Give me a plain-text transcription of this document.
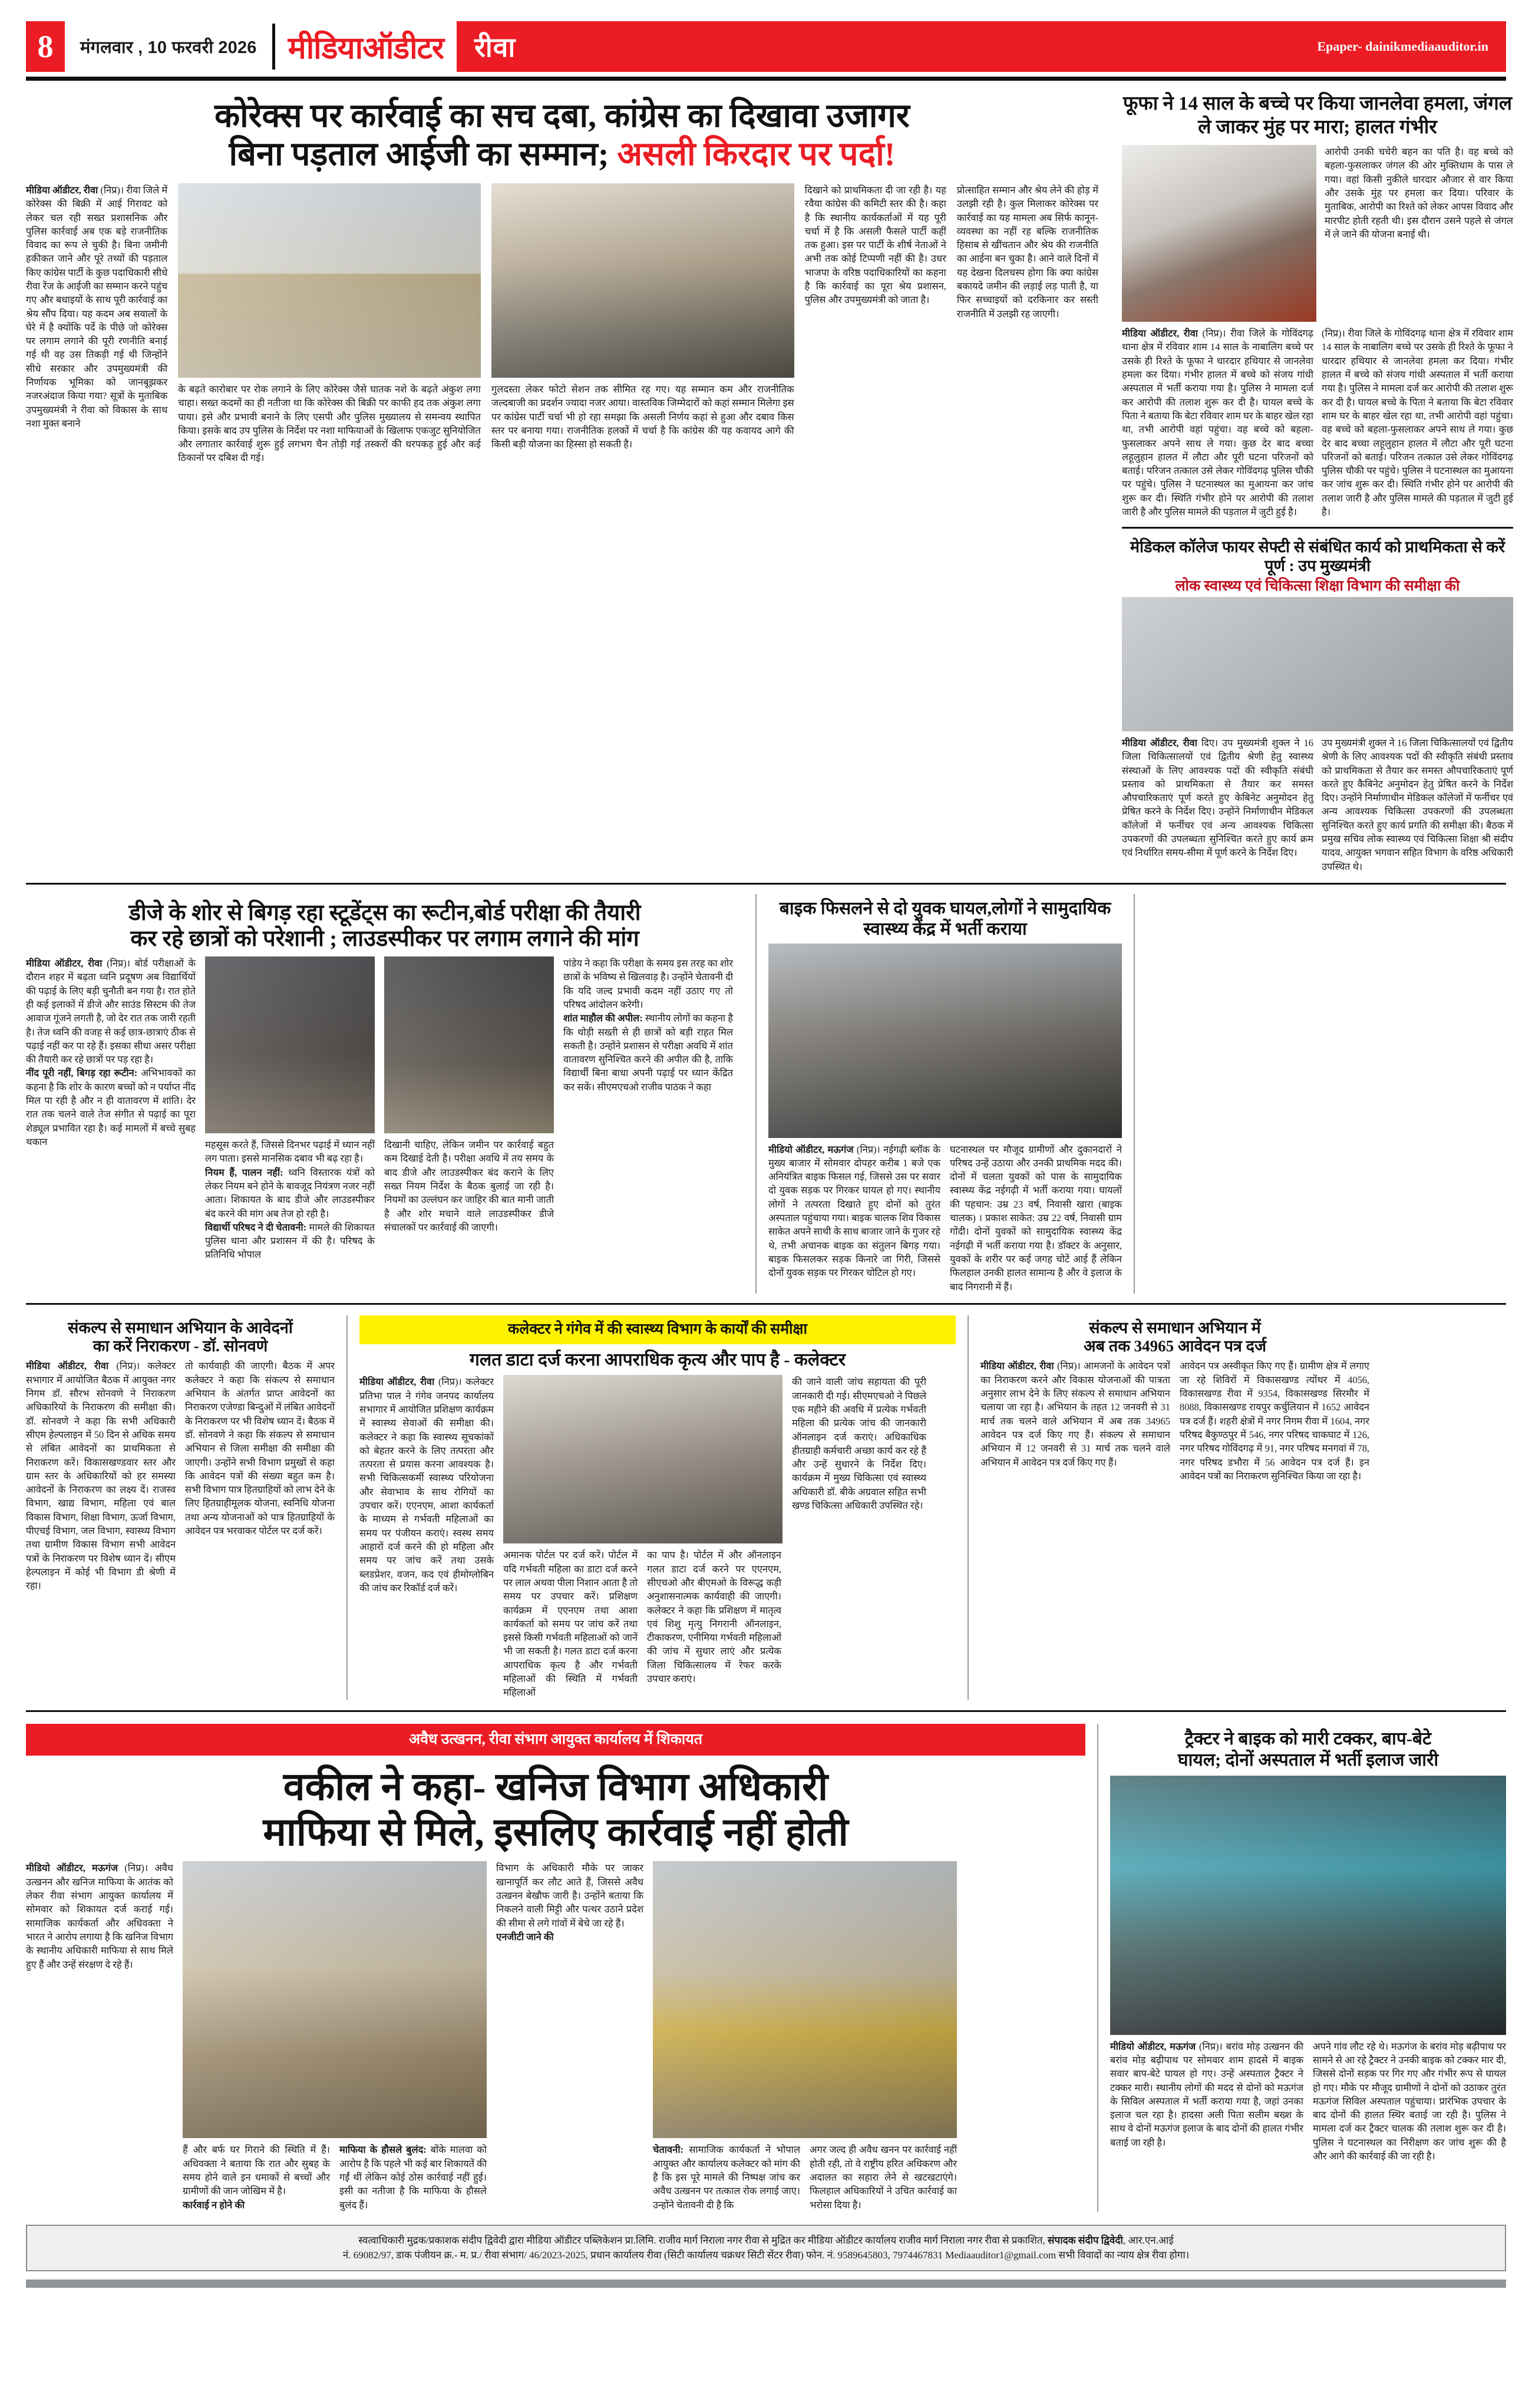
8	मंगलवार , 10 फरवरी 2026	मीडियाऑडीटर	रीवा	Epaper- dainikmediaauditor.in
कोरेक्स पर कार्रवाई का सच दबा, कांग्रेस का दिखावा उजागर
बिना पड़ताल आईजी का सम्मान; असली किरदार पर पर्दा!
मीडिया ऑडीटर, रीवा (निप्र)। रीवा जिले में कोरेक्स की बिक्री में आई गिरावट को लेकर चल रही सख्त प्रशासनिक और पुलिस कार्रवाई अब एक बड़े राजनीतिक विवाद का रूप ले चुकी है। बिना जमीनी हकीकत जाने और पूरे तथ्यों की पड़ताल किए कांग्रेस पार्टी के कुछ पदाधिकारी सीधे रीवा रेंज के आईजी का सम्मान करने पहुंच गए और बधाइयों के साथ पूरी कार्रवाई का श्रेय सौंप दिया। यह कदम अब सवालों के घेरे में है क्योंकि पर्दे के पीछे जो कोरेक्स पर लगाम लगाने की पूरी रणनीति बनाई गई थी वह उस तिकड़ी गई थी जिन्होंने सीधे सरकार और उपमुख्यमंत्री की निर्णायक भूमिका को जानबूझकर नजरअंदाज किया गया? सूत्रों के मुताबिक उपमुख्यमंत्री ने रीवा को विकास के साथ नशा मुक्त बनाने
के बढ़ते कारोबार पर रोक लगाने के लिए कोरेक्स जैसे घातक नशे के बढ़ते अंकुश लगा चाहा। सख्त कदमों का ही नतीजा था कि कोरेक्स की बिक्री पर काफी हद तक अंकुश लगा पाया। इसे और प्रभावी बनाने के लिए एसपी और पुलिस मुख्यालय से समन्वय स्थापित किया। इसके बाद उप पुलिस के निर्देश पर नशा माफियाओं के खिलाफ एकजुट सुनियोजित और लगातार कार्रवाई शुरू हुई लगभग चैन तोड़ी गई तस्करों की धरपकड़ हुई और कई ठिकानों पर दबिश दी गई।
गुलदस्ता लेकर फोटो सेशन तक सीमित रह गए। यह सम्मान कम और राजनीतिक जल्दबाजी का प्रदर्शन ज्यादा नजर आया। वास्तविक जिम्मेदारों को कहां सम्मान मिलेगा इस पर कांग्रेस पार्टी चर्चा भी हो रहा समझा कि असली निर्णय कहां से हुआ और दबाव किस स्तर पर बनाया गया। राजनीतिक हलकों में चर्चा है कि कांग्रेस की यह कवायद आगे की किसी बड़ी योजना का हिस्सा हो सकती है।
दिखाने को प्राथमिकता दी जा रही है। यह रवैया कांग्रेस की कमिटी स्तर की है। कहा है कि स्थानीय कार्यकर्ताओं में यह पूरी चर्चा में है कि असली फैसले पार्टी कहीं तक हुआ। इस पर पार्टी के शीर्ष नेताओं ने अभी तक कोई टिप्पणी नहीं की है। उधर भाजपा के वरिष्ठ पदाधिकारियों का कहना है कि कार्रवाई का पूरा श्रेय प्रशासन, पुलिस और उपमुख्यमंत्री को जाता है।
प्रोत्साहित सम्मान और श्रेय लेने की होड़ में उलझी रही है। कुल मिलाकर कोरेक्स पर कार्रवाई का यह मामला अब सिर्फ कानून-व्यवस्था का नहीं रह बल्कि राजनीतिक हिसाब से खींचतान और श्रेय की राजनीति का आईना बन चुका है। आने वाले दिनों में यह देखना दिलचस्प होगा कि क्या कांग्रेस बकायदे जमीन की लड़ाई लड़ पाती है, या फिर सच्चाइयों को दरकिनार कर सस्ती राजनीति में उलझी रह जाएगी।
फूफा ने 14 साल के बच्चे पर किया जानलेवा हमला, जंगल ले जाकर मुंह पर मारा; हालत गंभीर
आरोपी उनकी चचेरी बहन का पति है। वह बच्चे को बहला-फुसलाकर जंगल की ओर मुक्तिधाम के पास ले गया। वहां किसी नुकीले धारदार औजार से वार किया और उसके मुंह पर हमला कर दिया। परिवार के मुताबिक, आरोपी का रिश्ते को लेकर आपस विवाद और मारपीट होती रहती थी। इस दौरान उसने पहले से जंगल में ले जाने की योजना बनाई थी।
मीडिया ऑडीटर, रीवा (निप्र)। रीवा जिले के गोविंदगढ़ थाना क्षेत्र में रविवार शाम 14 साल के नाबालिग बच्चे पर उसके ही रिश्ते के फूफा ने धारदार हथियार से जानलेवा हमला कर दिया। गंभीर हालत में बच्चे को संजय गांधी अस्पताल में भर्ती कराया गया है। पुलिस ने मामला दर्ज कर आरोपी की तलाश शुरू कर दी है। घायल बच्चे के पिता ने बताया कि बेटा रविवार शाम घर के बाहर खेल रहा था, तभी आरोपी वहां पहुंचा। वह बच्चे को बहला-फुसलाकर अपने साथ ले गया। कुछ देर बाद बच्चा लहूलुहान हालत में लौटा और पूरी घटना परिजनों को बताई। परिजन तत्काल उसे लेकर गोविंदगढ़ पुलिस चौकी पर पहुंचे। पुलिस ने घटनास्थल का मुआयना कर जांच शुरू कर दी। स्थिति गंभीर होने पर आरोपी की तलाश जारी है और पुलिस मामले की पड़ताल में जुटी हुई है।
(निप्र)। रीवा जिले के गोविंदगढ़ थाना क्षेत्र में रविवार शाम 14 साल के नाबालिग बच्चे पर उसके ही रिश्ते के फूफा ने धारदार हथियार से जानलेवा हमला कर दिया। गंभीर हालत में बच्चे को संजय गांधी अस्पताल में भर्ती कराया गया है। पुलिस ने मामला दर्ज कर आरोपी की तलाश शुरू कर दी है। घायल बच्चे के पिता ने बताया कि बेटा रविवार शाम घर के बाहर खेल रहा था, तभी आरोपी वहां पहुंचा। वह बच्चे को बहला-फुसलाकर अपने साथ ले गया। कुछ देर बाद बच्चा लहूलुहान हालत में लौटा और पूरी घटना परिजनों को बताई। परिजन तत्काल उसे लेकर गोविंदगढ़ पुलिस चौकी पर पहुंचे। पुलिस ने घटनास्थल का मुआयना कर जांच शुरू कर दी। स्थिति गंभीर होने पर आरोपी की तलाश जारी है और पुलिस मामले की पड़ताल में जुटी हुई है।
मेडिकल कॉलेज फायर सेफ्टी से संबंधित कार्य को प्राथमिकता से करें पूर्ण : उप मुख्यमंत्री
लोक स्वास्थ्य एवं चिकित्सा शिक्षा विभाग की समीक्षा की
मीडिया ऑडीटर, रीवा दिए। उप मुख्यमंत्री शुक्ल ने 16 जिला चिकित्सालयों एवं द्वितीय श्रेणी हेतु स्वास्थ्य संस्थाओं के लिए आवश्यक पदों की स्वीकृति संबंधी प्रस्ताव को प्राथमिकता से तैयार कर समस्त औपचारिकताएं पूर्ण करते हुए केबिनेट अनुमोदन हेतु प्रेषित करने के निर्देश दिए। उन्होंने निर्माणाधीन मेडिकल कॉलेजों में फर्नीचर एवं अन्य आवश्यक चिकित्सा उपकरणों की उपलब्धता सुनिश्चित करते हुए कार्य क्रम एवं निर्धारित समय-सीमा में पूर्ण करने के निर्देश दिए।
उप मुख्यमंत्री शुक्ल ने 16 जिला चिकित्सालयों एवं द्वितीय श्रेणी के लिए आवश्यक पदों की स्वीकृति संबंधी प्रस्ताव को प्राथमिकता से तैयार कर समस्त औपचारिकताएं पूर्ण करते हुए कैबिनेट अनुमोदन हेतु प्रेषित करने के निर्देश दिए। उन्होंने निर्माणाधीन मेडिकल कॉलेजों में फर्नीचर एवं अन्य आवश्यक चिकित्सा उपकरणों की उपलब्धता सुनिश्चित करते हुए कार्य प्रगति की समीक्षा की। बैठक में प्रमुख सचिव लोक स्वास्थ्य एवं चिकित्सा शिक्षा श्री संदीप यादव, आयुक्त भगवान सहित विभाग के वरिष्ठ अधिकारी उपस्थित थे।
डीजे के शोर से बिगड़ रहा स्टूडेंट्स का रूटीन,बोर्ड परीक्षा की तैयारी
कर रहे छात्रों को परेशानी ; लाउडस्पीकर पर लगाम लगाने की मांग
मीडिया ऑडीटर, रीवा (निप्र)। बोर्ड परीक्षाओं के दौरान शहर में बढ़ता ध्वनि प्रदूषण अब विद्यार्थियों की पढ़ाई के लिए बड़ी चुनौती बन गया है। रात होते ही कई इलाकों में डीजे और साउंड सिस्टम की तेज आवाज गूंजने लगती है, जो देर रात तक जारी रहती है। तेज ध्वनि की वजह से कई छात्र-छात्राएं ठीक से पढ़ाई नहीं कर पा रहे हैं। इसका सीधा असर परीक्षा की तैयारी कर रहे छात्रों पर पड़ रहा है।
नींद पूरी नहीं, बिगड़ रहा रूटीन: अभिभावकों का कहना है कि शोर के कारण बच्चों को न पर्याप्त नींद मिल पा रही है और न ही वातावरण में शांति। देर रात तक चलने वाले तेज संगीत से पढ़ाई का पूरा शेड्यूल प्रभावित रहा है। कई मामलों में बच्चे सुबह थकान	महसूस करते हैं, जिससे दिनभर पढ़ाई में ध्यान नहीं लग पाता। इससे मानसिक दबाव भी बढ़ रहा है।
नियम हैं, पालन नहीं: ध्वनि विस्तारक यंत्रों को लेकर नियम बने होने के बावजूद नियंत्रण नजर नहीं आता। शिकायत के बाद डीजे और लाउडस्पीकर बंद करने की मांग अब तेज हो रही है।
विद्यार्थी परिषद ने दी चेतावनी: मामले की शिकायत पुलिस थाना और प्रशासन में की है। परिषद के प्रतिनिधि भोपाल
दिखानी चाहिए, लेकिन जमीन पर कार्रवाई बहुत कम दिखाई देती है। परीक्षा अवधि में तय समय के बाद डीजे और लाउडस्पीकर बंद कराने के लिए सख्त नियम निर्देश के बैठक बुलाई जा रही है। नियमों का उल्लंघन कर जाहिर की बात मानी जाती है और शोर मचाने वाले लाउडस्पीकर डीजे संचालकों पर कार्रवाई की जाएगी।
पांडेय ने कहा कि परीक्षा के समय इस तरह का शोर छात्रों के भविष्य से खिलवाड़ है। उन्होंने चेतावनी दी कि यदि जल्द प्रभावी कदम नहीं उठाए गए तो परिषद आंदोलन करेगी।
शांत माहौल की अपील: स्थानीय लोगों का कहना है कि थोड़ी सख्ती से ही छात्रों को बड़ी राहत मिल सकती है। उन्होंने प्रशासन से परीक्षा अवधि में शांत वातावरण सुनिश्चित करने की अपील की है, ताकि विद्यार्थी बिना बाधा अपनी पढ़ाई पर ध्यान केंद्रित कर सकें। सीएमएचओ राजीव पाठक ने कहा
बाइक फिसलने से दो युवक घायल,लोगों ने सामुदायिक स्वास्थ्य केंद्र में भर्ती कराया
मीडियो ऑडीटर, मऊगंज (निप्र)। नईगढ़ी ब्लॉक के मुख्य बाजार में सोमवार दोपहर करीब 1 बजे एक अनियंत्रित बाइक फिसल गई, जिससे उस पर सवार दो युवक सड़क पर गिरकर घायल हो गए। स्थानीय लोगों ने तत्परता दिखाते हुए दोनों को तुरंत अस्पताल पहुंचाया गया। बाइक चालक शिव विकास साकेत अपने साथी के साथ बाजार जाने के गुजर रहे थे, तभी अचानक बाइक का संतुलन बिगड़ गया। बाइक फिसलकर सड़क किनारे जा गिरी, जिससे दोनों युवक सड़क पर गिरकर चोटिल हो गए।
घटनास्थल पर मौजूद ग्रामीणों और दुकानदारों ने परिषद उन्हें उठाया और उनकी प्राथमिक मदद की। दोनों में चलता युवकों को पास के सामुदायिक स्वास्थ्य केंद्र नईगढ़ी में भर्ती कराया गया। घायलों की पहचान: उम्र 23 वर्ष, निवासी खारा (बाइक चालक) । प्रकाश साकेत: उम्र 22 वर्ष, निवासी ग्राम गोंदी। दोनों युवकों को सामुदायिक स्वास्थ्य केंद्र नईगढ़ी में भर्ती कराया गया है। डॉक्टर के अनुसार, युवकों के शरीर पर कई जगह चोटें आई हैं लेकिन फिलहाल उनकी हालत सामान्य है और वे इलाज के बाद निगरानी में हैं।
संकल्प से समाधान अभियान के आवेदनों
का करें निराकरण - डॉ. सोनवणे
मीडिया ऑडीटर, रीवा (निप्र)। कलेक्टर सभागार में आयोजित बैठक में आयुक्त नगर निगम डॉ. सौरभ सोनवणे ने निराकरण अधिकारियों के निराकरण की समीक्षा की। डॉ. सोनवणे ने कहा कि सभी अधिकारी सीएम हेल्पलाइन में 50 दिन से अधिक समय से लंबित आवेदनों का प्राथमिकता से निराकरण करें। विकासखण्डवार स्तर और ग्राम स्तर के अधिकारियों को हर समस्या आवेदनों के निराकरण का लक्ष्य दें। राजस्व विभाग, खाद्य विभाग, महिला एवं बाल विकास विभाग, शिक्षा विभाग, ऊर्जा विभाग, पीएचई विभाग, जल विभाग, स्वास्थ्य विभाग तथा ग्रामीण विकास विभाग सभी आवेदन पत्रों के निराकरण पर विशेष ध्यान दें। सीएम हेल्पलाइन में कोई भी विभाग डी श्रेणी में रहा।
तो कार्यवाही की जाएगी। बैठक में अपर कलेक्टर ने कहा कि संकल्प से समाधान अभियान के अंतर्गत प्राप्त आवेदनों का निराकरण एजेण्डा बिन्दुओं में लंबित आवेदनों के निराकरण पर भी विशेष ध्यान दें। बैठक में डॉ. सोनवणे ने कहा कि संकल्प से समाधान अभियान से जिला समीक्षा की समीक्षा की जाएगी। उन्होंने सभी विभाग प्रमुखों से कहा कि आवेदन पत्रों की संख्या बहुत कम है। सभी विभाग पात्र हितग्राहियों को लाभ देने के लिए हितग्राहीमूलक योजना, स्वनिधि योजना तथा अन्य योजनाओं को पात्र हितग्राहियों के आवेदन पत्र भरवाकर पोर्टल पर दर्ज करें।
कलेक्टर ने गंगेव में की स्वास्थ्य विभाग के कार्यों की समीक्षा
गलत डाटा दर्ज करना आपराधिक कृत्य और पाप है - कलेक्टर
मीडिया ऑडीटर, रीवा (निप्र)। कलेक्टर प्रतिभा पाल ने गंगेव जनपद कार्यालय सभागार में आयोजित प्रशिक्षण कार्यक्रम में स्वास्थ्य सेवाओं की समीक्षा की। कलेक्टर ने कहा कि स्वास्थ्य सूचकांकों को बेहतर करने के लिए तत्परता और तत्परता से प्रयास करना आवश्यक है। सभी चिकित्सकर्मी स्वास्थ्य परियोजना और सेवाभाव के साथ रोगियों का उपचार करें। एएनएम, आशा कार्यकर्ता के माध्यम से गर्भवती महिलाओं का समय पर पंजीयन कराएं। स्वस्थ समय आहारों दर्ज करने की हो महिला और समय पर जांच करें तथा उसके ब्लडप्रेशर, वजन, कद एवं हीमोग्लोबिन की जांच कर रिकॉर्ड दर्ज करें।
अमानक पोर्टल पर दर्ज करें। पोर्टल में यदि गर्भवती महिला का डाटा दर्ज करने पर लाल अथवा पीला निशान आता है तो समय पर उपचार करें। प्रशिक्षण कार्यक्रम में एएनएम तथा आशा कार्यकर्ता को समय पर जांच करें तथा इससे किसी गर्भवती महिलाओं को जानें भी जा सकती है। गलत डाटा दर्ज करना आपराधिक कृत्य है और गर्भवती महिलाओं की स्थिति में गर्भवती महिलाओं
का पाप है। पोर्टल में और ऑनलाइन गलत डाटा दर्ज करने पर एएनएम, सीएचओ और बीएमओ के विरूद्ध कड़ी अनुशासनात्मक कार्यवाही की जाएगी। कलेक्टर ने कहा कि प्रशिक्षण में मातृत्व एवं शिशु मृत्यु निगरानी ऑनलाइन, टीकाकरण, एनीमिया गर्भवती महिलाओं की जांच में सुधार लाएं और प्रत्येक जिला चिकित्सालय में रेफर करके उपचार कराएं।
की जाने वाली जांच सहायता की पूरी जानकारी दी गई। सीएमएचओ ने पिछले एक महीने की अवधि में प्रत्येक गर्भवती महिला की प्रत्येक जांच की जानकारी ऑनलाइन दर्ज कराएं। अधिकाधिक हीतग्राही कर्मचारी अच्छा कार्य कर रहे हैं और उन्हें सुधारने के निर्देश दिए। कार्यक्रम में मुख्य चिकित्सा एवं स्वास्थ्य अधिकारी डॉ. बीके अग्रवाल सहित सभी खण्ड चिकित्सा अधिकारी उपस्थित रहे।
संकल्प से समाधान अभियान में
अब तक 34965 आवेदन पत्र दर्ज
मीडिया ऑडीटर, रीवा (निप्र)। आमजनों के आवेदन पत्रों का निराकरण करने और विकास योजनाओं की पात्रता अनुसार लाभ देने के लिए संकल्प से समाधान अभियान चलाया जा रहा है। अभियान के तहत 12 जनवरी से 31 मार्च तक चलने वाले अभियान में अब तक 34965 आवेदन पत्र दर्ज किए गए हैं। संकल्प से समाधान अभियान में 12 जनवरी से 31 मार्च तक चलने वाले अभियान में आवेदन पत्र दर्ज किए गए हैं।
आवेदन पत्र अस्वीकृत किए गए हैं। ग्रामीण क्षेत्र में लगाए जा रहे शिविरों में विकासखण्ड त्योंथर में 4056, विकासखण्ड रीवा में 9354, विकासखण्ड सिरमौर में 8088, विकासखण्ड रायपुर कर्चुलियान में 1652 आवेदन पत्र दर्ज हैं। शहरी क्षेत्रों में नगर निगम रीवा में 1604, नगर परिषद बैकुण्ठपुर में 546, नगर परिषद चाकघाट में 126, नगर परिषद गोविंदगढ़ में 91, नगर परिषद मनगवां में 78, नगर परिषद डभौरा में 56 आवेदन पत्र दर्ज हैं। इन आवेदन पत्रों का निराकरण सुनिश्चित किया जा रहा है।
अवैध उत्खनन, रीवा संभाग आयुक्त कार्यालय में शिकायत
वकील ने कहा- खनिज विभाग अधिकारी
माफिया से मिले, इसलिए कार्रवाई नहीं होती
मीडियो ऑडीटर, मऊगंज (निप्र)। अवैध उत्खनन और खनिज माफिया के आतंक को लेकर रीवा संभाग आयुक्त कार्यालय में सोमवार को शिकायत दर्ज कराई गई। सामाजिक कार्यकर्ता और अधिवक्ता ने भारत ने आरोप लगाया है कि खनिज विभाग के स्थानीय अधिकारी माफिया से साथ मिले हुए हैं और उन्हें संरक्षण दे रहे हैं।
हैं और बर्फ घर गिराने की स्थिति में हैं। अधिवक्ता ने बताया कि रात और सुबह के समय होने वाले इन धमाकों से बच्चों और ग्रामीणों की जान जोखिम में है।
कार्रवाई न होने की
माफिया के हौसले बुलंद: बोंके मालवा को आरोप है कि पहले भी कई बार शिकायतें की गईं थीं लेकिन कोई ठोस कार्रवाई नहीं हुई। इसी का नतीजा है कि माफिया के हौसले बुलंद हैं।
विभाग के अधिकारी मौके पर जाकर खानापूर्ति कर लौट आते हैं, जिससे अवैध उत्खनन बेखौफ जारी है। उन्होंने बताया कि निकलने वाली मिट्टी और पत्थर उठाने प्रदेश की सीमा से लगे गांवों में बेचे जा रहे हैं।
एनजीटी जाने की
चेतावनी: सामाजिक कार्यकर्ता ने भोपाल आयुक्त और कार्यालय कलेक्टर को मांग की है कि इस पूरे मामले की निष्पक्ष जांच कर अवैध उत्खनन पर तत्काल रोक लगाई जाए। उन्होंने चेतावनी दी है कि
अगर जल्द ही अवैध खनन पर कार्रवाई नहीं होती रही, तो वे राष्ट्रीय हरित अधिकरण और अदालत का सहारा लेने से खटखटाएंगे। फिलहाल अधिकारियों ने उचित कार्रवाई का भरोसा दिया है।
ट्रैक्टर ने बाइक को मारी टक्कर, बाप-बेटे
घायल; दोनों अस्पताल में भर्ती इलाज जारी
मीडियो ऑडीटर, मऊगंज (निप्र)। बरांव मोड़ उत्खनन की बरांव मोड़ बढ़ीपाथ पर सोमवार शाम हादसे में बाइक सवार बाप-बेटे घायल हो गए। उन्हें अस्पताल ट्रैक्टर ने टक्कर मारी। स्थानीय लोगों की मदद से दोनों को मऊगंज के सिविल अस्पताल में भर्ती कराया गया है, जहां उनका इलाज चल रहा है। हादसा अली पिता सलीम बख्श के साथ वे दोनों मऊगंज इलाज के बाद दोनों की हालत गंभीर बताई जा रही है।
अपने गांव लौट रहे थे। मऊगंज के बरांव मोड़ बढ़ीपाथ पर सामने से आ रहे ट्रैक्टर ने उनकी बाइक को टक्कर मार दी, जिससे दोनों सड़क पर गिर गए और गंभीर रूप से घायल हो गए। मौके पर मौजूद ग्रामीणों ने दोनों को उठाकर तुरंत मऊगंज सिविल अस्पताल पहुंचाया। प्रारंभिक उपचार के बाद दोनों की हालत स्थिर बताई जा रही है। पुलिस ने मामला दर्ज कर ट्रैक्टर चालक की तलाश शुरू कर दी है। पुलिस ने घटनास्थल का निरीक्षण कर जांच शुरू की है और आगे की कार्रवाई की जा रही है।
स्वत्वाधिकारी मुद्रक/प्रकाशक संदीप द्विवेदी द्वारा मीडिया ऑडीटर पब्लिकेशन प्रा.लिमि. राजीव मार्ग निराला नगर रीवा से मुद्रित कर मीडिया ऑडीटर कार्यालय राजीव मार्ग निराला नगर रीवा से प्रकाशित, संपादक संदीप द्विवेदी, आर.एन.आई
नं. 69082/97, डाक पंजीयन क्र.- म. प्र./ रीवा संभाग/ 46/2023-2025, प्रधान कार्यालय रीवा (सिटी कार्यालय चक्रधर सिटी सेंटर रीवा) फोन. नं. 9589645803, 7974467831 Mediaauditor1@gmail.com सभी विवादों का न्याय क्षेत्र रीवा होगा।
